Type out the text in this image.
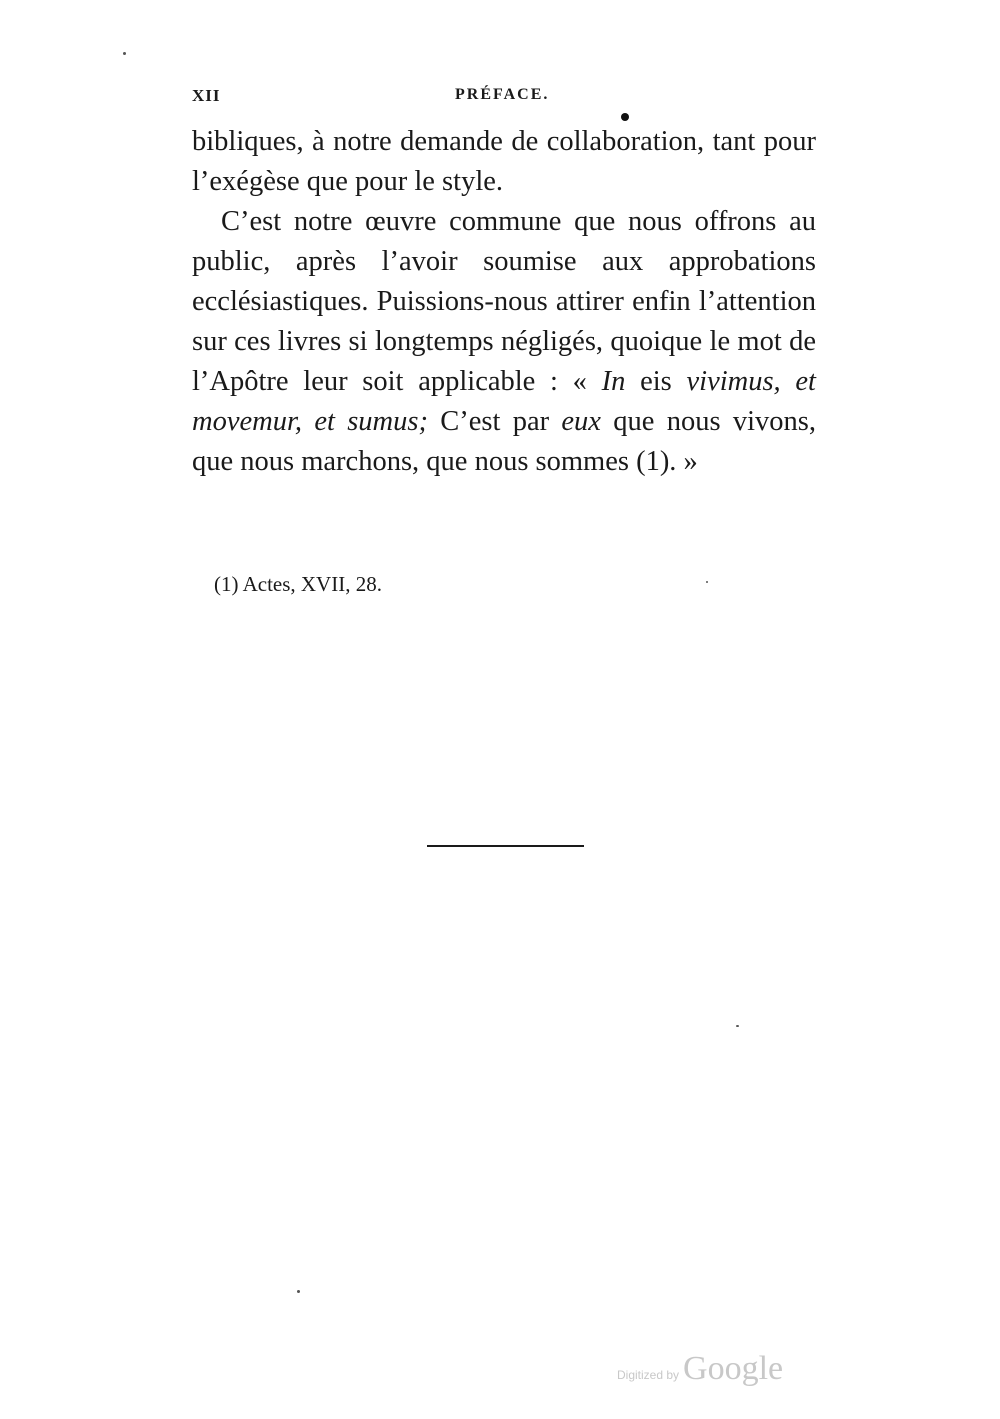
XII	PRÉFACE.

bibliques, à notre demande de collaboration, tant pour l’exégèse que pour le style.

C’est notre œuvre commune que nous offrons au public, après l’avoir soumise aux approbations ecclésiastiques. Puissions-nous attirer enfin l’attention sur ces livres si longtemps négligés, quoique le mot de l’Apôtre leur soit applicable : « In eis vivimus, et movemur, et sumus; C’est par eux que nous vivons, que nous marchons, que nous sommes (1). »

(1) Actes, XVII, 28.
Digitized by Google
